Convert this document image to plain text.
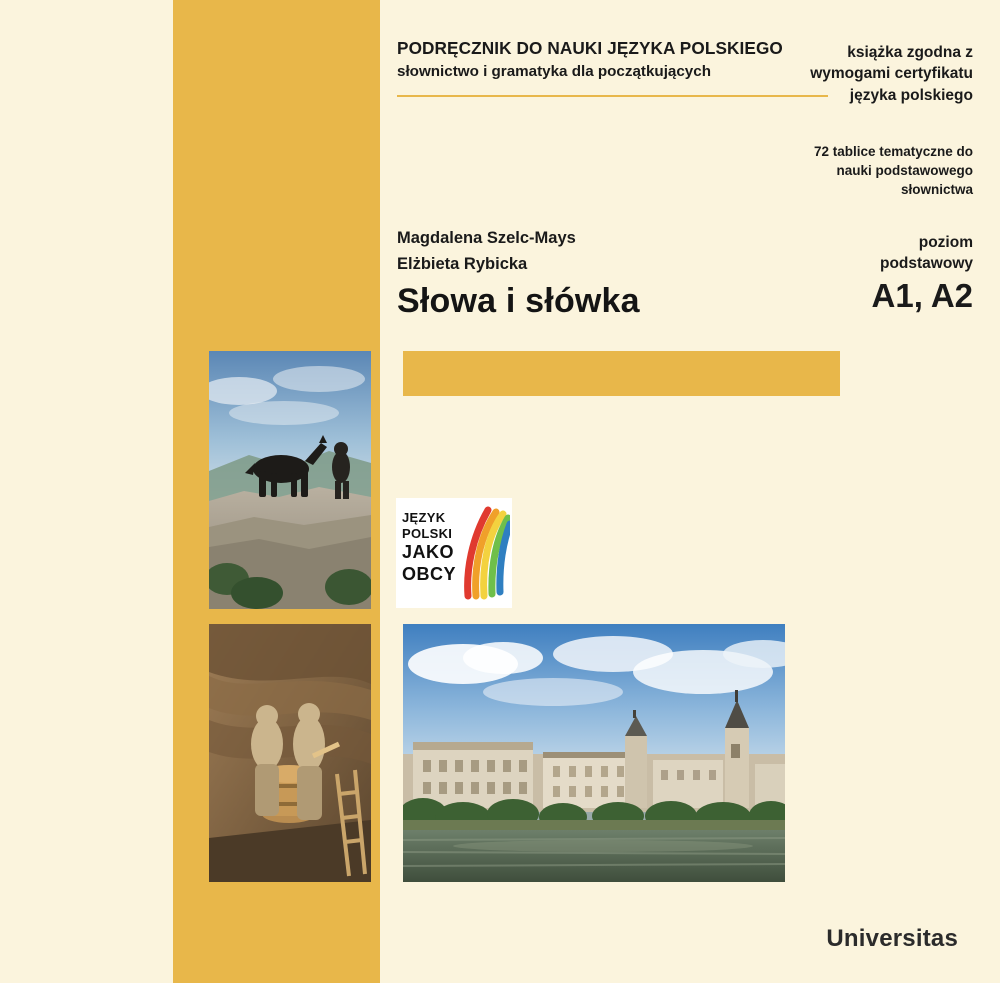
książka zgodna z wymogami certyfikatu języka polskiego
72 tablice tematyczne do nauki podstawowego słownictwa
poziom
podstawowy
A1, A2
Universitas
PODRĘCZNIK DO NAUKI JĘZYKA POLSKIEGO
słownictwo i gramatyka dla początkujących
Magdalena Szelc-Mays
Elżbieta Rybicka
Słowa i słówka
JĘZYK
POLSKI
JAKO
OBCY
